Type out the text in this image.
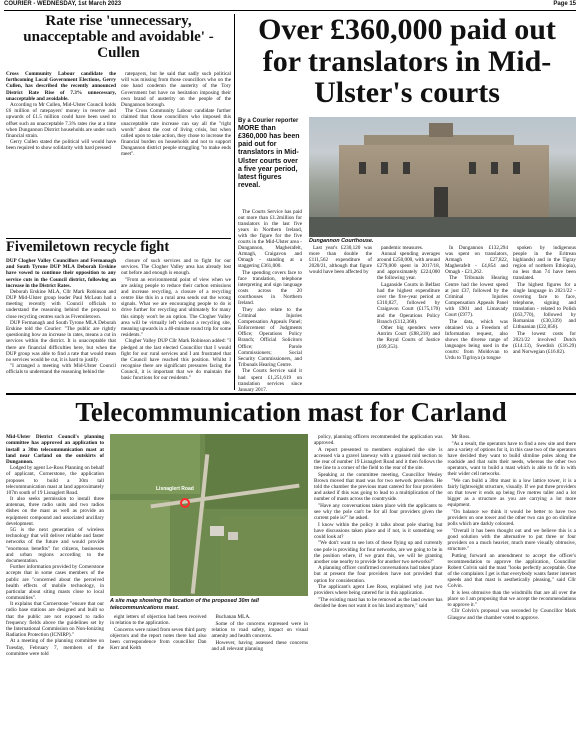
COURIER - WEDNESDAY, 1st March 2023	Page 15
Rate rise 'unnecessary, unacceptable and avoidable' - Cullen

Cross Community Labour candidate the forthcoming Local Government Elections, Gerry Cullen, has described the recently announced District Rate Rise of 7.3% unnecessary, unacceptable and avoidable.

According to Mr Cullen, Mid-Ulster Council holds £6 million of ratepayers' money in reserve and upwards of £1.5 million could have been used to offset such an unacceptable 7.3% rates rise at a time when Dungannon District households are under such financial strain.

Gerry Cullen stated the political will would have been required to show solidarity with hard pressed

ratepayers, but he said that sadly such political will was missing from those councillors who on the one hand condemn the austerity of the Tory Government but have no hesitation imposing their own brand of austerity on the people of the Dungannon borough.

The Cross Community Labour candidate further claimed that those councillors who imposed this unacceptable rate increase can say all the "right words" about the cost of living crisis, but when called upon to take action, they chose to increase the financial burden on households and not to support Dungannon district people struggling "to make ends meet".

Fivemiletown recycle fight

DUP Clogher Valley Councillors and Fermanagh and South Tyrone DUP MLA Deborah Erskine have vowed to continue their opposition to any service cuts in the Council district, following an increase in the District Rates.

Deborah Erskine MLA, Cllr Mark Robinson and DUP Mid-Ulster group leader Paul McLean had a meeting recently with Council officials to understand the reasoning behind the proposal to close recycling centres such as Fivemiletown.

DUP Fermanagh and South Tyrone MLA Deborah Erskine told the Courier: "The public are rightly questioning how an increase in rates, means a cut in services within the district. It is unacceptable that there are financial difficulties here, but when the DUP group was able to find a rate that would mean no services would be cut, it is hard to justify.

"I arranged a meeting with Mid-Ulster Council officials to understand the reasoning behind the

closure of such services and to fight for our services. The Clogher Valley area has already lost out before and enough is enough.

"From an environmental point of view when we are asking people to reduce their carbon emissions and increase recycling, a closure of a recycling centre like this in a rural area sends out the wrong signals. What we are encouraging people to do is drive further for recycling and ultimately for many this simply won't be an option. The Clogher Valley area will be virtually left without a recycling site, meaning upwards in a 40-minute round trip for some residents."

Clogher Valley DUP Cllr Mark Robinson added: "I pledged at the last elected Councillor that I would fight for our rural services and I am frustrated that the Council have reached this position. Whilst I recognise there are significant pressures facing the Council, it is important that we do maintain the basic functions for our residents."

Over £360,000 paid out for translators in Mid-Ulster's courts
By a Courier reporter
MORE than £360,000 has been paid out for translators in Mid-Ulster courts over a five year period, latest figures reveal.

The Courts Service has paid out more than £1.2million for translators in the last five years in Northern Ireland, with the figure for the five courts in the Mid-Ulster area - Dungannon, Magherafelt, Armagh, Craigavon and Omagh - standing at a staggering £361,000.

The spending covers face to face translation, telephone interpreting and sign language costs across the 20 courthouses in Northern Ireland.

They also relate to the Criminal Injuries Compensation Appeals Panel; Enforcement of Judgments Office; Operations Policy Branch; Official Solicitors Office; Parole Commissioners; Social Security Commissioners, and Tribunals Hearing Centre.

The Courts Service said it had spent £1,251,619 on translation services since January 2017.

Dungannon Courthouse.

Last year's £230,120 was more than double the £111,562 expenditure of 2020/21, although that figure would have been affected by

pandemic measures.

Annual spending averages around £250,000, with around £279,000 spent in 2017/18, and approximately £224,000 the following year.

Laganside Courts in Belfast had the highest expenditure over the five-year period at £310,827, followed by Craigavon Court (£175,170) and the Operations Policy Branch (£112,368).

Other big spenders were Antrim Court (£88,218) and the Royal Courts of Justice (£69,353).

In Dungannon £132,294 was spent on translators, Armagh £27,822, Magherafelt - £4,854 and Omagh - £21,262.

The Tribunals Hearing Centre had the lowest spend at just £37, followed by the Criminal Injuries Compensation Appeals Panel with £901 and Limavady Court (£977).

The data, which was obtained via a Freedom of Information request, also shows the diverse range of languages being used in the courts: from Moldovan to Urdu to Tigrinya (a tongue

spoken by indigenous people in the Eritrean highlands) and in the Tigray region of northern Ethiopia), no less than 74 have been translated.

The highest figures for a single language in 2021/22 - covering face to face, telephone, signing and translation - related to Polish (£63,770), followed by Romanian (£30,339) and Lithuanian (£22,856).

The lowest costs for 2021/22 involved Dutch (£14.13), Swedish (£16.29) and Norwegian (£16.82).

Telecommunication mast for Carland

Mid-Ulster District Council's planning committee has approved an application to install a 30m telecommunication mast at land near Carland on the outskirts of Dungannon.

Lodged by agent Le-Ross Planning on behalf of applicant, Cornerstone, the application proposes to build a 30m tall telecommunication mast at land approximately 107m south of 19 Lisnaglert Road.

It also seeks permission to install three antennas, three radio units and two radios dishes on the mast as well as provide an equipment compound and associated ancillary development.

5G is the next generation of wireless technology that will deliver reliable and faster networks of the future and would provide "enormous benefits" for citizens, businesses and urban regions according to the documentation.

Further information provided by Cornerstone accepts that in some cases members of the public are "concerned about the perceived health effects of mobile technology, in particular about siting masts close to local communities".

It explains that Cornerstone "ensure that our radio base stations are designed and built so that the public are not exposed to radio frequency fields above the guidelines set by the International Commission on Non-Ionizing Radiation Protection (ICNIRP)."

At a meeting of the planning committee on Tuesday, February 7, members of the committee were told

Lisnaglert Road
A site map showing the location of the proposed 30m tall telecommunications mast.

eight letters of objection had been received in relation to the application.

Concerns were raised from seven third party objectors and the report notes there had also been correspondence from councillor Dan Kerr and Keith

Buchanan MLA.

Some of the concerns expressed were in relation to road safety, impact on visual amenity and health concerns.

However, having assessed these concerns and all relevant planning

policy, planning officers recommended the application was approved.

A report presented to members explained the site is accessed via a gravel laneway with a grassed mid section to the rear of number 19 Lisnaglert Road and it then follows the tree line to a corner of the field to the rear of the site.

Speaking at the committee meeting, Councillor Wesley Brown moved that mast was for two network providers. He told the chamber the previous mast catered for four providers and asked if this was going to lead to a multiplication of the number of masts across the countryside.

"Have any conversations taken place with the applicants to see why the pole can't be for all four providers given the current pole is?" he asked.

I know within the policy it talks about pole sharing but have discussions taken place and if not, is it something we could look at?

"We don't want to see lots of these flying up and currently one pole is providing for four networks, are we going to be in the position where, if we grant this, we will be granting another one nearby to provide for another two networks?"

A planning officer confirmed conversations had taken place but at present the four providers have not provided that option for consideration.

The applicant's agent Lee Ross, explained why just two providers where being catered for in this application.

"The existing mast has to be removed as the land owner has decided he does not want it on his land anymore," said

Mr Ross.

"As a result, the operators have to find a new site and there are a variety of options for it, in this case two of the operators have decided they want to build slimline poles along the roadside and that suits their needs, whereas the other two operators, want to build a mast which is able to fit in with their wider cell networks.

"We can build a 30m mast in a low lattice tower, it is a fairly lightweight structure, visually. If we put three providers on that tower it ends up being five metres taller and a lot bigger as a structure as you are carrying a lot more equipment.

"On balance we think it would be better to have two providers on one tower and the other two can go on slimline polls which are darkly coloured.

"Overall it has been thought out and we believe this is a good solution with the alternative to put three or four providers on a much heavier, much more visually obtrusive, structure."

Putting forward an amendment to accept the officer's recommendation to approve the application, Councillor Robert Colvin said the mast "looks perfectly acceptable. One of the complaints I get is that everybody wants faster internet speeds and that mast is aesthetically pleasing," said Cllr Colvin.

It is less obtrusive than the windmills that are all over the place so I am proposing that we accept the recommendations to approve it."

Cllr Colvin's proposal was seconded by Councillor Mark Glasgow and the chamber voted to approve.
